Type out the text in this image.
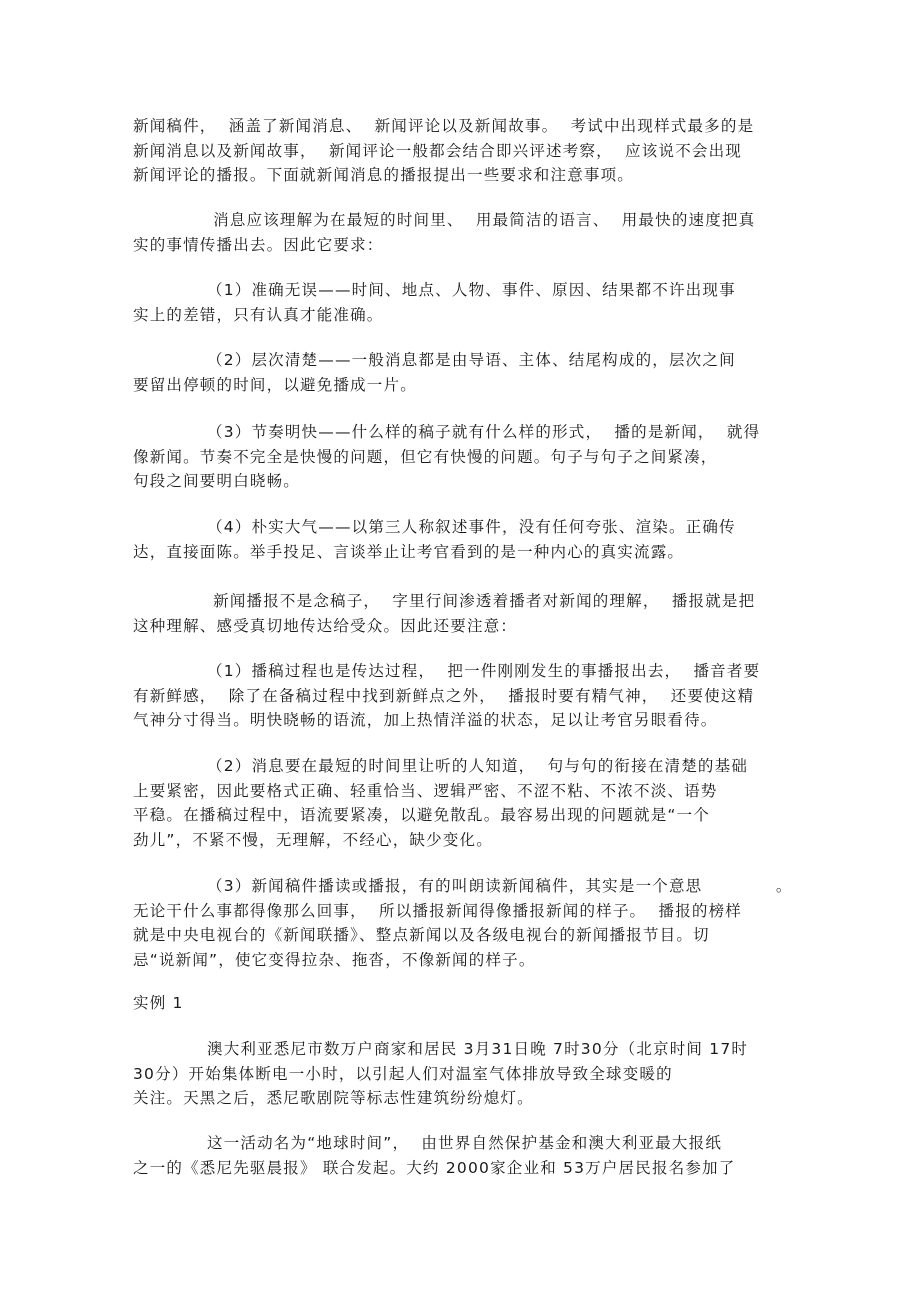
新闻稿件，  涵盖了新闻消息、  新闻评论以及新闻故事。  考试中出现样式最多的是
新闻消息以及新闻故事，  新闻评论一般都会结合即兴评述考察，  应该说不会出现
新闻评论的播报。下面就新闻消息的播报提出一些要求和注意事项。
消息应该理解为在最短的时间里、  用最简洁的语言、  用最快的速度把真
实的事情传播出去。因此它要求：
（1）准确无误——时间、地点、人物、事件、原因、结果都不许出现事
实上的差错，只有认真才能准确。
（2）层次清楚——一般消息都是由导语、主体、结尾构成的，层次之间
要留出停顿的时间，以避免播成一片。
（3）节奏明快——什么样的稿子就有什么样的形式，  播的是新闻，  就得
像新闻。节奏不完全是快慢的问题，但它有快慢的问题。句子与句子之间紧凑，
句段之间要明白晓畅。
（4）朴实大气——以第三人称叙述事件，没有任何夸张、渲染。正确传
达，直接面陈。举手投足、言谈举止让考官看到的是一种内心的真实流露。
新闻播报不是念稿子，  字里行间渗透着播者对新闻的理解，  播报就是把
这种理解、感受真切地传达给受众。因此还要注意：
（1）播稿过程也是传达过程，  把一件刚刚发生的事播报出去，  播音者要
有新鲜感，  除了在备稿过程中找到新鲜点之外，  播报时要有精气神，  还要使这精
气神分寸得当。明快晓畅的语流，加上热情洋溢的状态，足以让考官另眼看待。
（2）消息要在最短的时间里让听的人知道，  句与句的衔接在清楚的基础
上要紧密，因此要格式正确、轻重恰当、逻辑严密、不涩不粘、不浓不淡、语势
平稳。在播稿过程中，语流要紧凑，以避免散乱。最容易出现的问题就是“一个
劲儿”，不紧不慢，无理解，不经心，缺少变化。
（3）新闻稿件播读或播报，有的叫朗读新闻稿件，其实是一个意思            。
无论干什么事都得像那么回事，  所以播报新闻得像播报新闻的样子。  播报的榜样
就是中央电视台的《新闻联播》、整点新闻以及各级电视台的新闻播报节目。切
忌“说新闻”，使它变得拉杂、拖沓，不像新闻的样子。
实例 1
澳大利亚悉尼市数万户商家和居民 3月31日晚 7时30分（北京时间 17时
30分）开始集体断电一小时，以引起人们对温室气体排放导致全球变暖的
关注。天黑之后，悉尼歌剧院等标志性建筑纷纷熄灯。
这一活动名为“地球时间”，  由世界自然保护基金和澳大利亚最大报纸
之一的《悉尼先驱晨报》 联合发起。大约 2000家企业和 53万户居民报名参加了
